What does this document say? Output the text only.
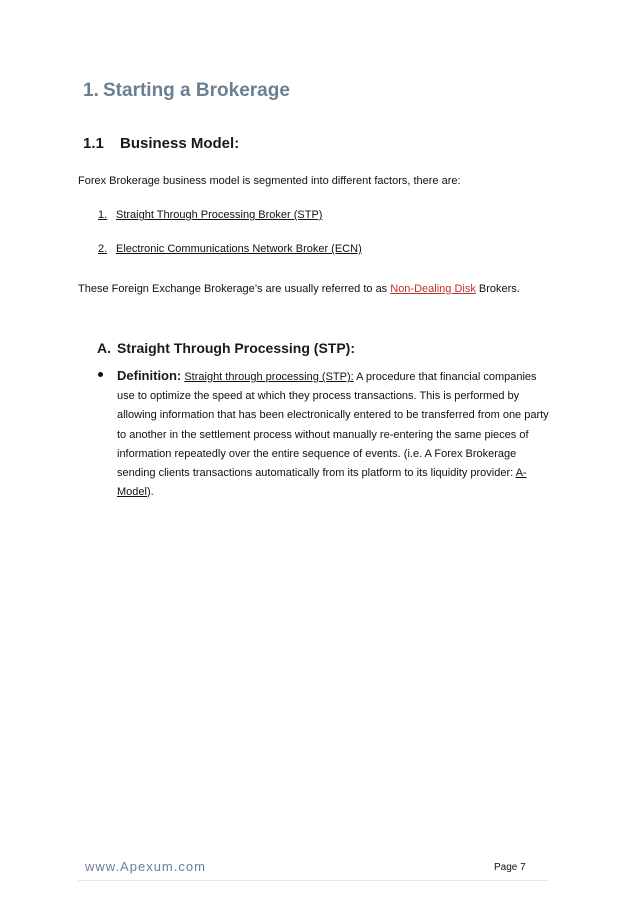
1. Starting a Brokerage
1.1 Business Model:
Forex Brokerage business model is segmented into different factors, there are:
1. Straight Through Processing Broker (STP)
2. Electronic Communications Network Broker (ECN)
These Foreign Exchange Brokerage’s are usually referred to as Non-Dealing Disk Brokers.
A. Straight Through Processing (STP):
Definition: Straight through processing (STP): A procedure that financial companies use to optimize the speed at which they process transactions. This is performed by allowing information that has been electronically entered to be transferred from one party to another in the settlement process without manually re-entering the same pieces of information repeatedly over the entire sequence of events. (i.e. A Forex Brokerage sending clients transactions automatically from its platform to its liquidity provider: A-Model).
www.Apexum.com	Page 7
